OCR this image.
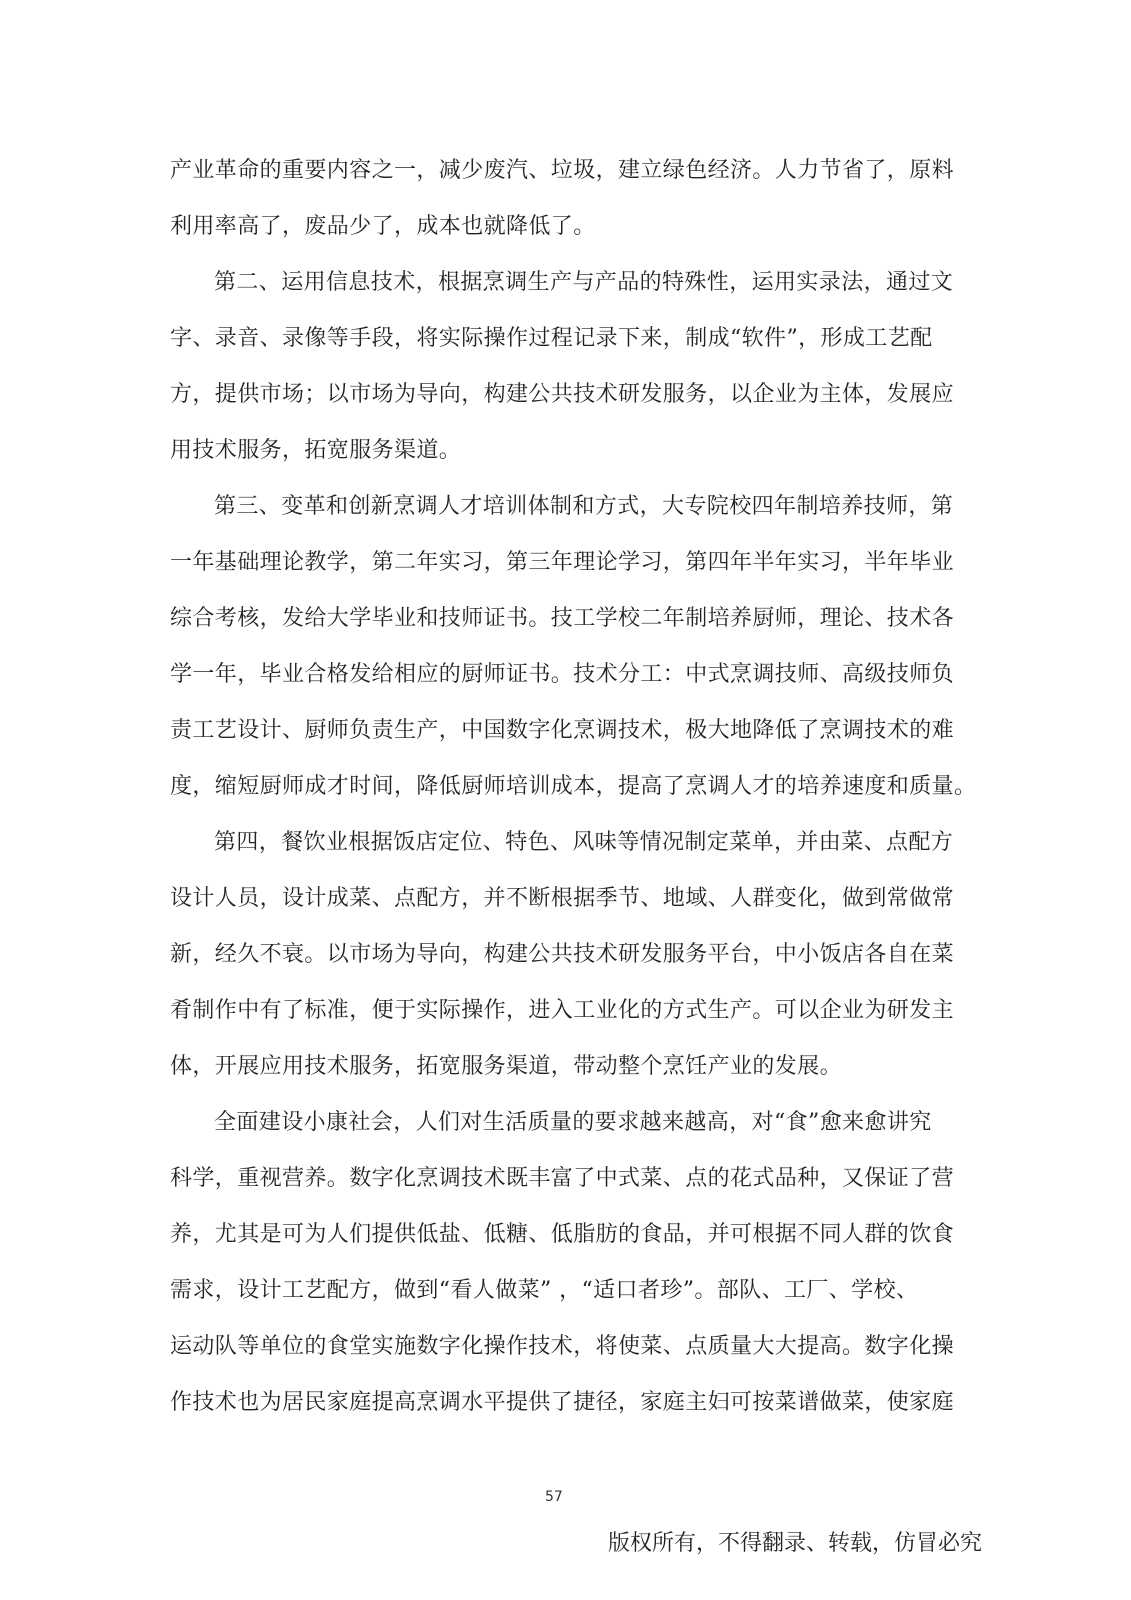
产业革命的重要内容之一，减少废汽、垃圾，建立绿色经济。人力节省了，原料
利用率高了，废品少了，成本也就降低了。
第二、运用信息技术，根据烹调生产与产品的特殊性，运用实录法，通过文
字、录音、录像等手段，将实际操作过程记录下来，制成“软件”，形成工艺配
方，提供市场；以市场为导向，构建公共技术研发服务，以企业为主体，发展应
用技术服务，拓宽服务渠道。
第三、变革和创新烹调人才培训体制和方式，大专院校四年制培养技师，第
一年基础理论教学，第二年实习，第三年理论学习，第四年半年实习，半年毕业
综合考核，发给大学毕业和技师证书。技工学校二年制培养厨师，理论、技术各
学一年，毕业合格发给相应的厨师证书。技术分工：中式烹调技师、高级技师负
责工艺设计、厨师负责生产，中国数字化烹调技术，极大地降低了烹调技术的难
度，缩短厨师成才时间，降低厨师培训成本，提高了烹调人才的培养速度和质量。
第四，餐饮业根据饭店定位、特色、风味等情况制定菜单，并由菜、点配方
设计人员，设计成菜、点配方，并不断根据季节、地域、人群变化，做到常做常
新，经久不衰。以市场为导向，构建公共技术研发服务平台，中小饭店各自在菜
肴制作中有了标准，便于实际操作，进入工业化的方式生产。可以企业为研发主
体，开展应用技术服务，拓宽服务渠道，带动整个烹饪产业的发展。
全面建设小康社会，人们对生活质量的要求越来越高，对“食”愈来愈讲究
科学，重视营养。数字化烹调技术既丰富了中式菜、点的花式品种，又保证了营
养，尤其是可为人们提供低盐、低糖、低脂肪的食品，并可根据不同人群的饮食
需求，设计工艺配方，做到“看人做菜” ，“适口者珍”。部队、工厂、学校、
运动队等单位的食堂实施数字化操作技术，将使菜、点质量大大提高。数字化操
作技术也为居民家庭提高烹调水平提供了捷径，家庭主妇可按菜谱做菜，使家庭
57
版权所有，不得翻录、转载，仿冒必究
